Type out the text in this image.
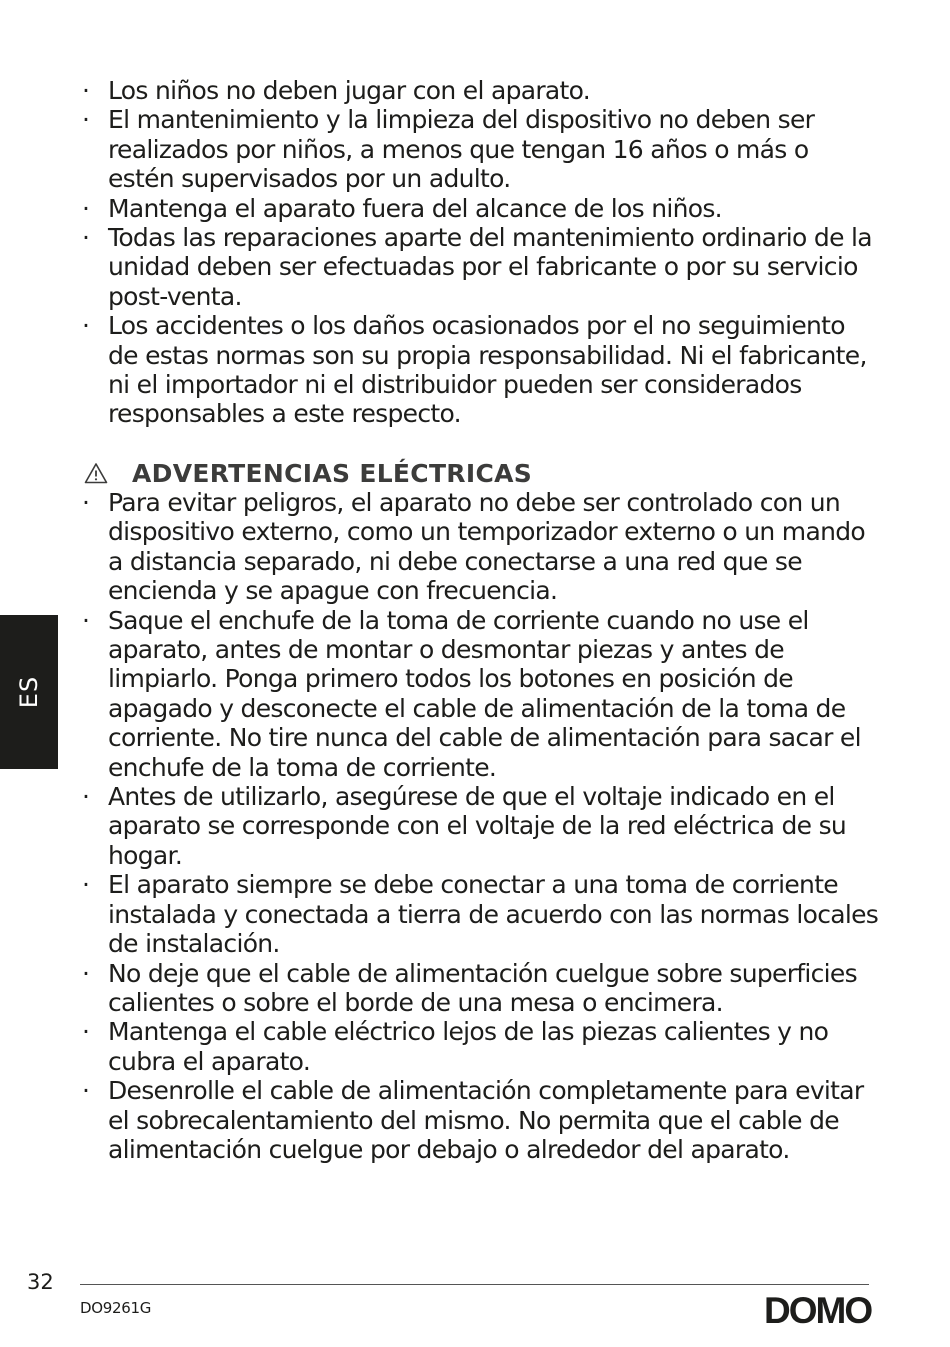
· Los niños no deben jugar con el aparato.
· El mantenimiento y la limpieza del dispositivo no deben ser realizados por niños, a menos que tengan 16 años o más o estén supervisados por un adulto.
· Mantenga el aparato fuera del alcance de los niños.
· Todas las reparaciones aparte del mantenimiento ordinario de la unidad deben ser efectuadas por el fabricante o por su servicio post-venta.
· Los accidentes o los daños ocasionados por el no seguimiento de estas normas son su propia responsabilidad. Ni el fabricante, ni el importador ni el distribuidor pueden ser considerados responsables a este respecto.
ADVERTENCIAS ELÉCTRICAS
· Para evitar peligros, el aparato no debe ser controlado con un dispositivo externo, como un temporizador externo o un mando a distancia separado, ni debe conectarse a una red que se encienda y se apague con frecuencia.
· Saque el enchufe de la toma de corriente cuando no use el aparato, antes de montar o desmontar piezas y antes de limpiarlo. Ponga primero todos los botones en posición de apagado y desconecte el cable de alimentación de la toma de corriente. No tire nunca del cable de alimentación para sacar el enchufe de la toma de corriente.
· Antes de utilizarlo, asegúrese de que el voltaje indicado en el aparato se corresponde con el voltaje de la red eléctrica de su hogar.
· El aparato siempre se debe conectar a una toma de corriente instalada y conectada a tierra de acuerdo con las normas locales de instalación.
· No deje que el cable de alimentación cuelgue sobre superficies calientes o sobre el borde de una mesa o encimera.
· Mantenga el cable eléctrico lejos de las piezas calientes y no cubra el aparato.
· Desenrolle el cable de alimentación completamente para evitar el sobrecalentamiento del mismo. No permita que el cable de alimentación cuelgue por debajo o alrededor del aparato.
ES
32
DO9261G	DOMO
